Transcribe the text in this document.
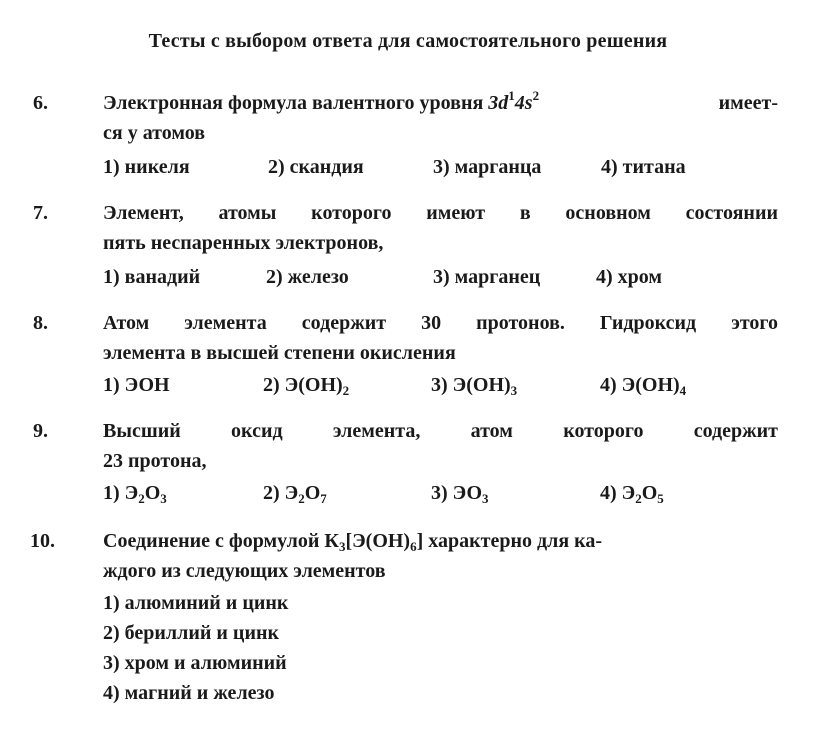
Тесты с выбором ответа для самостоятельного решения
6.	Электронная формула валентного уровня $3d^14s^2$	имеет-
ся у атомов
1) никеля	2) скандия	3) марганца	4) титана
7.	Элемент, атомы которого имеют в основном состоянии
пять неспаренных электронов,
1) ванадий	2) железо	3) марганец	4) хром
8.	Атом элемента содержит 30 протонов. Гидроксид этого
элемента в высшей степени окисления
1) ЭОН	2) $Э(ОН)_2$	3) $Э(ОН)_3$	4) $Э(ОН)_4$
9.	Высший оксид элемента, атом которого содержит
23 протона,
1) $Э_2О_3$	2) $Э_2О_7$	3) $ЭО_3$	4) $Э_2О_5$
10. Соединение с формулой $К_3[Э(ОН)_6]$ характерно для ка-
ждого из следующих элементов
1) алюминий и цинк
2) бериллий и цинк
3) хром и алюминий
4) магний и железо
